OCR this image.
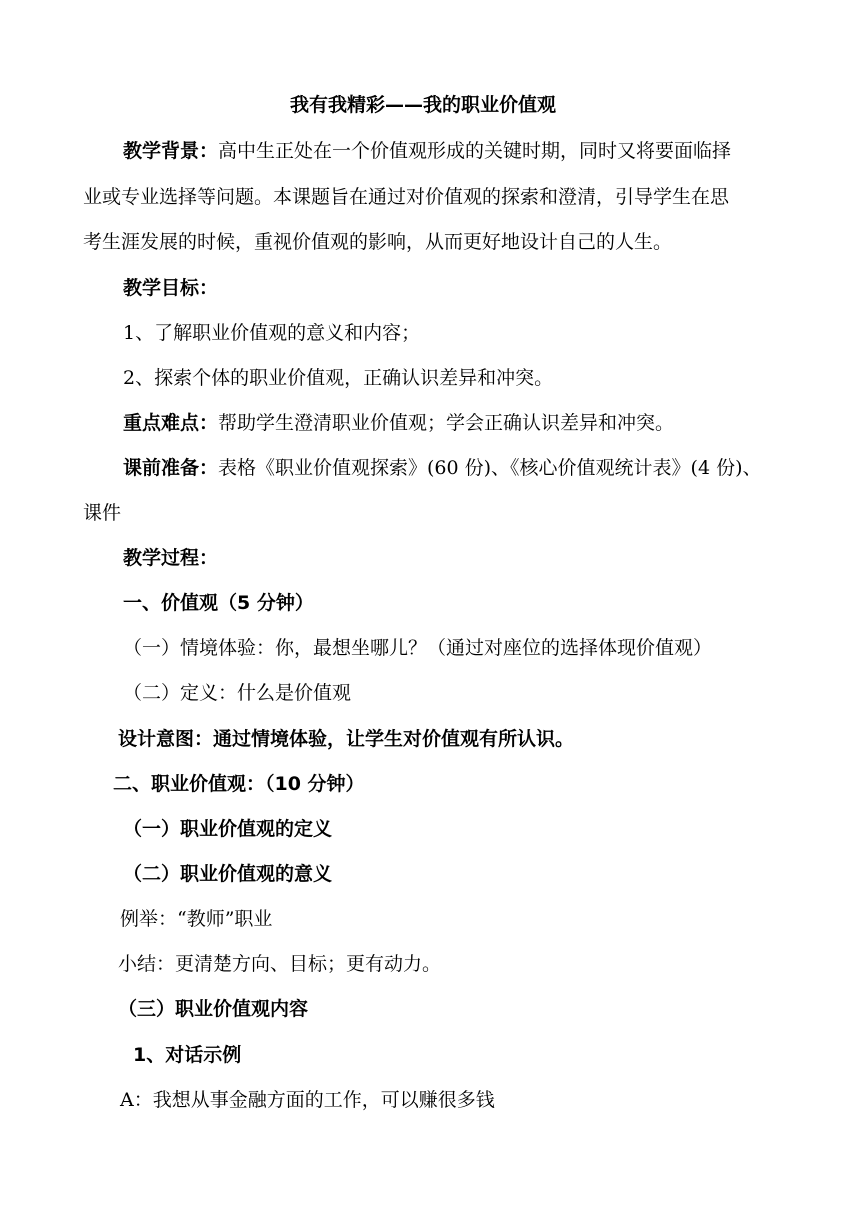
我有我精彩——我的职业价值观
教学背景：高中生正处在一个价值观形成的关键时期，同时又将要面临择
业或专业选择等问题。本课题旨在通过对价值观的探索和澄清，引导学生在思
考生涯发展的时候，重视价值观的影响，从而更好地设计自己的人生。
教学目标：
1、了解职业价值观的意义和内容；
2、探索个体的职业价值观，正确认识差异和冲突。
重点难点：帮助学生澄清职业价值观；学会正确认识差异和冲突。
课前准备：表格《职业价值观探索》(60 份)、《核心价值观统计表》(4 份)、
课件
教学过程：
一、价值观（5 分钟）
（一）情境体验：你，最想坐哪儿？（通过对座位的选择体现价值观）
（二）定义：什么是价值观
设计意图：通过情境体验，让学生对价值观有所认识。
二、职业价值观：（10 分钟）
（一）职业价值观的定义
（二）职业价值观的意义
例举：“教师”职业
小结：更清楚方向、目标；更有动力。
（三）职业价值观内容
1、对话示例
A：我想从事金融方面的工作，可以赚很多钱
